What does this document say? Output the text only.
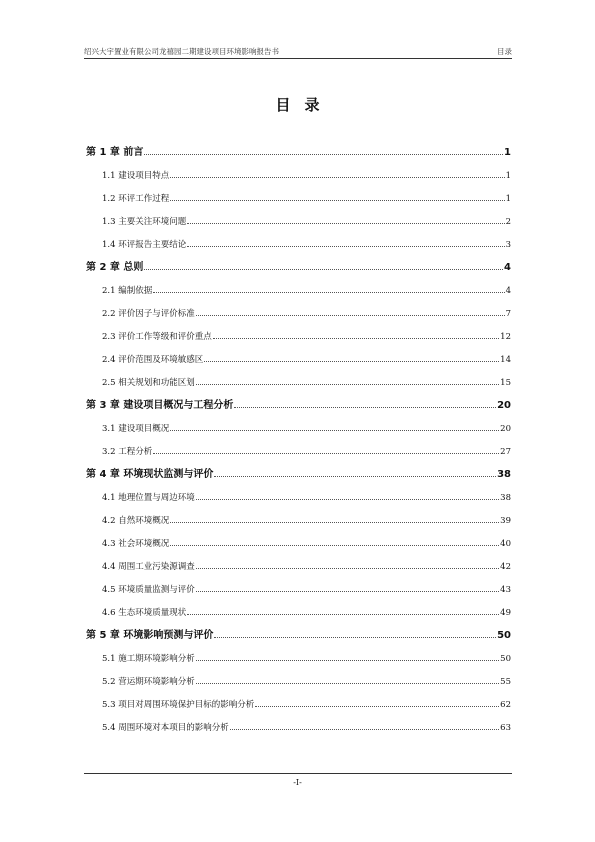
绍兴大宇置业有限公司龙禧园二期建设项目环境影响报告书	目录
目 录
第 1 章 前言	1
1.1 建设项目特点	1
1.2 环评工作过程	1
1.3 主要关注环境问题	2
1.4 环评报告主要结论	3
第 2 章 总则	4
2.1 编制依据	4
2.2 评价因子与评价标准	7
2.3 评价工作等级和评价重点	12
2.4 评价范围及环境敏感区	14
2.5 相关规划和功能区划	15
第 3 章 建设项目概况与工程分析	20
3.1 建设项目概况	20
3.2 工程分析	27
第 4 章 环境现状监测与评价	38
4.1 地理位置与周边环境	38
4.2 自然环境概况	39
4.3 社会环境概况	40
4.4 周围工业污染源调查	42
4.5 环境质量监测与评价	43
4.6 生态环境质量现状	49
第 5 章 环境影响预测与评价	50
5.1 施工期环境影响分析	50
5.2 营运期环境影响分析	55
5.3 项目对周围环境保护目标的影响分析	62
5.4 周围环境对本项目的影响分析	63
-I-
